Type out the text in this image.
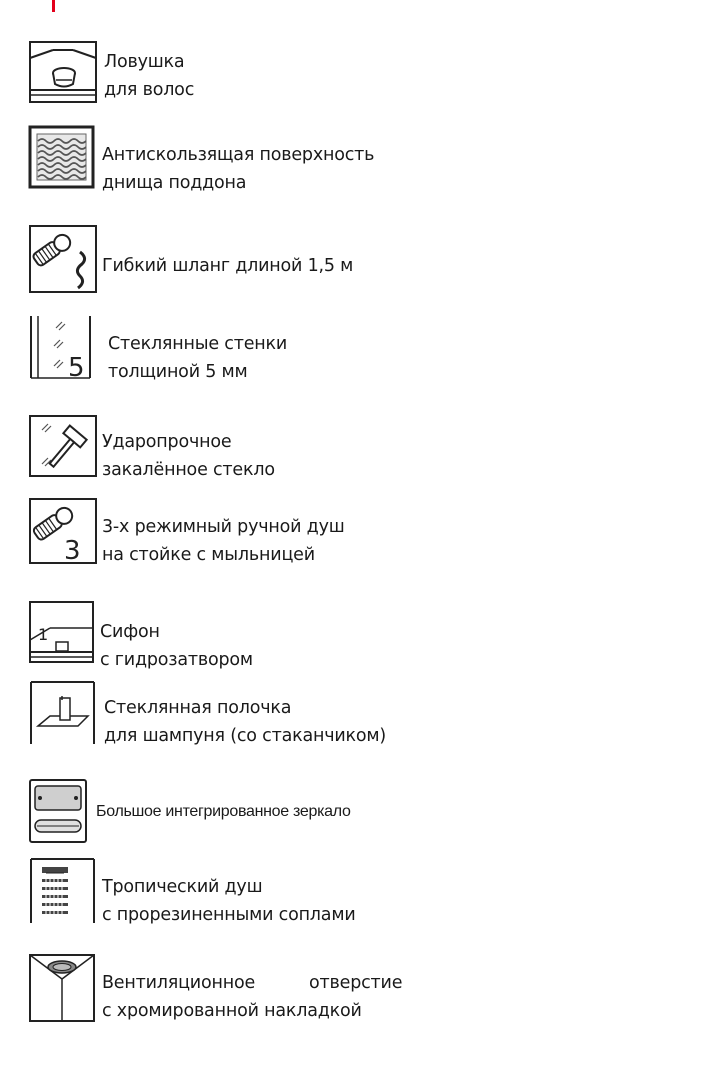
Ловушка
для волос
Антискользящая поверхность
днища поддона
Гибкий шланг длиной 1,5 м
5
Стеклянные стенки
толщиной 5 мм
Ударопрочное
закалённое стекло
3
3-х режимный ручной душ
на стойке с мыльницей
1	Сифон
с гидрозатвором
Стеклянная полочка
для шампуня (со стаканчиком)
Большое интегрированное зеркало
Тропический душ
с прорезиненными соплами
Вентиляционное	отверстие
с хромированной накладкой
